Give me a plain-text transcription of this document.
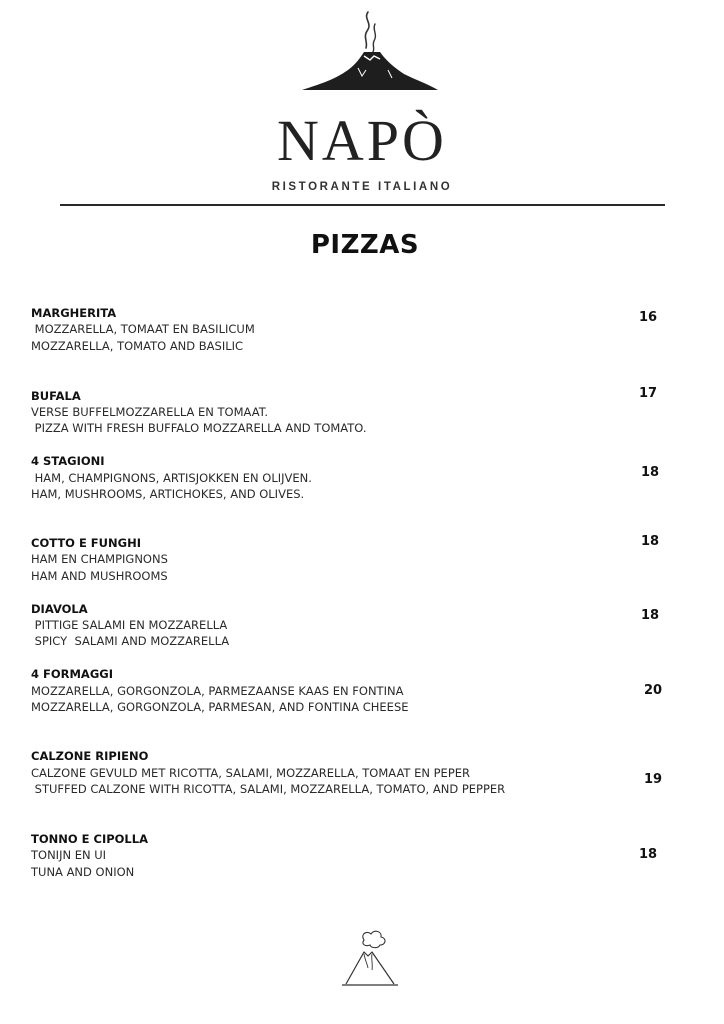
NAPÒ
RISTORANTE ITALIANO
PIZZAS
MARGHERITA
MOZZARELLA, TOMAAT EN BASILICUM
MOZZARELLA, TOMATO AND BASILIC
16
BUFALA
VERSE BUFFELMOZZARELLA EN TOMAAT.
PIZZA WITH FRESH BUFFALO MOZZARELLA AND TOMATO.
17
4 STAGIONI
HAM, CHAMPIGNONS, ARTISJOKKEN EN OLIJVEN.
HAM, MUSHROOMS, ARTICHOKES, AND OLIVES.
18
COTTO E FUNGHI
HAM EN CHAMPIGNONS
HAM AND MUSHROOMS
18
DIAVOLA
PITTIGE SALAMI EN MOZZARELLA
SPICY  SALAMI AND MOZZARELLA
18
4 FORMAGGI
MOZZARELLA, GORGONZOLA, PARMEZAANSE KAAS EN FONTINA
MOZZARELLA, GORGONZOLA, PARMESAN, AND FONTINA CHEESE
20
CALZONE RIPIENO
CALZONE GEVULD MET RICOTTA, SALAMI, MOZZARELLA, TOMAAT EN PEPER
STUFFED CALZONE WITH RICOTTA, SALAMI, MOZZARELLA, TOMATO, AND PEPPER
19
TONNO E CIPOLLA
TONIJN EN UI
TUNA AND ONION
18
